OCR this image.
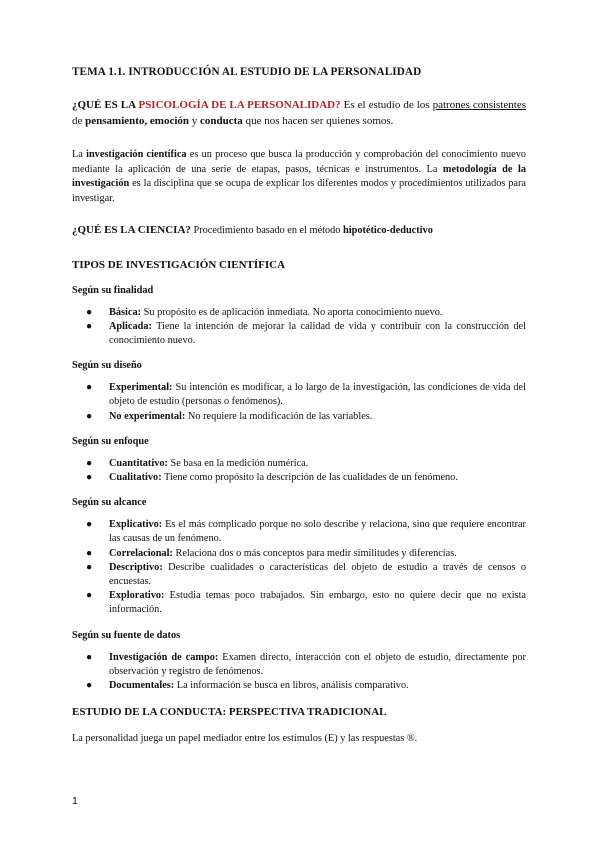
TEMA 1.1. INTRODUCCIÓN AL ESTUDIO DE LA PERSONALIDAD

¿QUÉ ES LA PSICOLOGÍA DE LA PERSONALIDAD? Es el estudio de los patrones consistentes de pensamiento, emoción y conducta que nos hacen ser quienes somos.

La investigación científica es un proceso que busca la producción y comprobación del conocimiento nuevo mediante la aplicación de una serie de etapas, pasos, técnicas e instrumentos. La metodología de la investigación es la disciplina que se ocupa de explicar los diferentes modos y procedimientos utilizados para investigar.

¿QUÉ ES LA CIENCIA? Procedimiento basado en el método hipotético-deductivo

TIPOS DE INVESTIGACIÓN CIENTÍFICA

Según su finalidad

● Básica: Su propósito es de aplicación inmediata. No aporta conocimiento nuevo.
● Aplicada: Tiene la intención de mejorar la calidad de vida y contribuir con la construcción del conocimiento nuevo.

Según su diseño

● Experimental: Su intención es modificar, a lo largo de la investigación, las condiciones de vida del objeto de estudio (personas o fenómenos).
● No experimental: No requiere la modificación de las variables.

Según su enfoque

● Cuantitativo: Se basa en la medición numérica.
● Cualitativo: Tiene como propósito la descripción de las cualidades de un fenómeno.

Según su alcance

● Explicativo: Es el más complicado porque no solo describe y relaciona, sino que requiere encontrar las causas de un fenómeno.
● Correlacional: Relaciona dos o más conceptos para medir similitudes y diferencias.
● Descriptivo: Describe cualidades o características del objeto de estudio a través de censos o encuestas.
● Explorativo: Estudia temas poco trabajados. Sin embargo, esto no quiere decir que no exista información.

Según su fuente de datos

● Investigación de campo: Examen directo, interacción con el objeto de estudio, directamente por observación y registro de fenómenos.
● Documentales: La información se busca en libros, análisis comparativo.

ESTUDIO DE LA CONDUCTA: PERSPECTIVA TRADICIONAL

La personalidad juega un papel mediador entre los estímulos (E) y las respuestas ®.

1
